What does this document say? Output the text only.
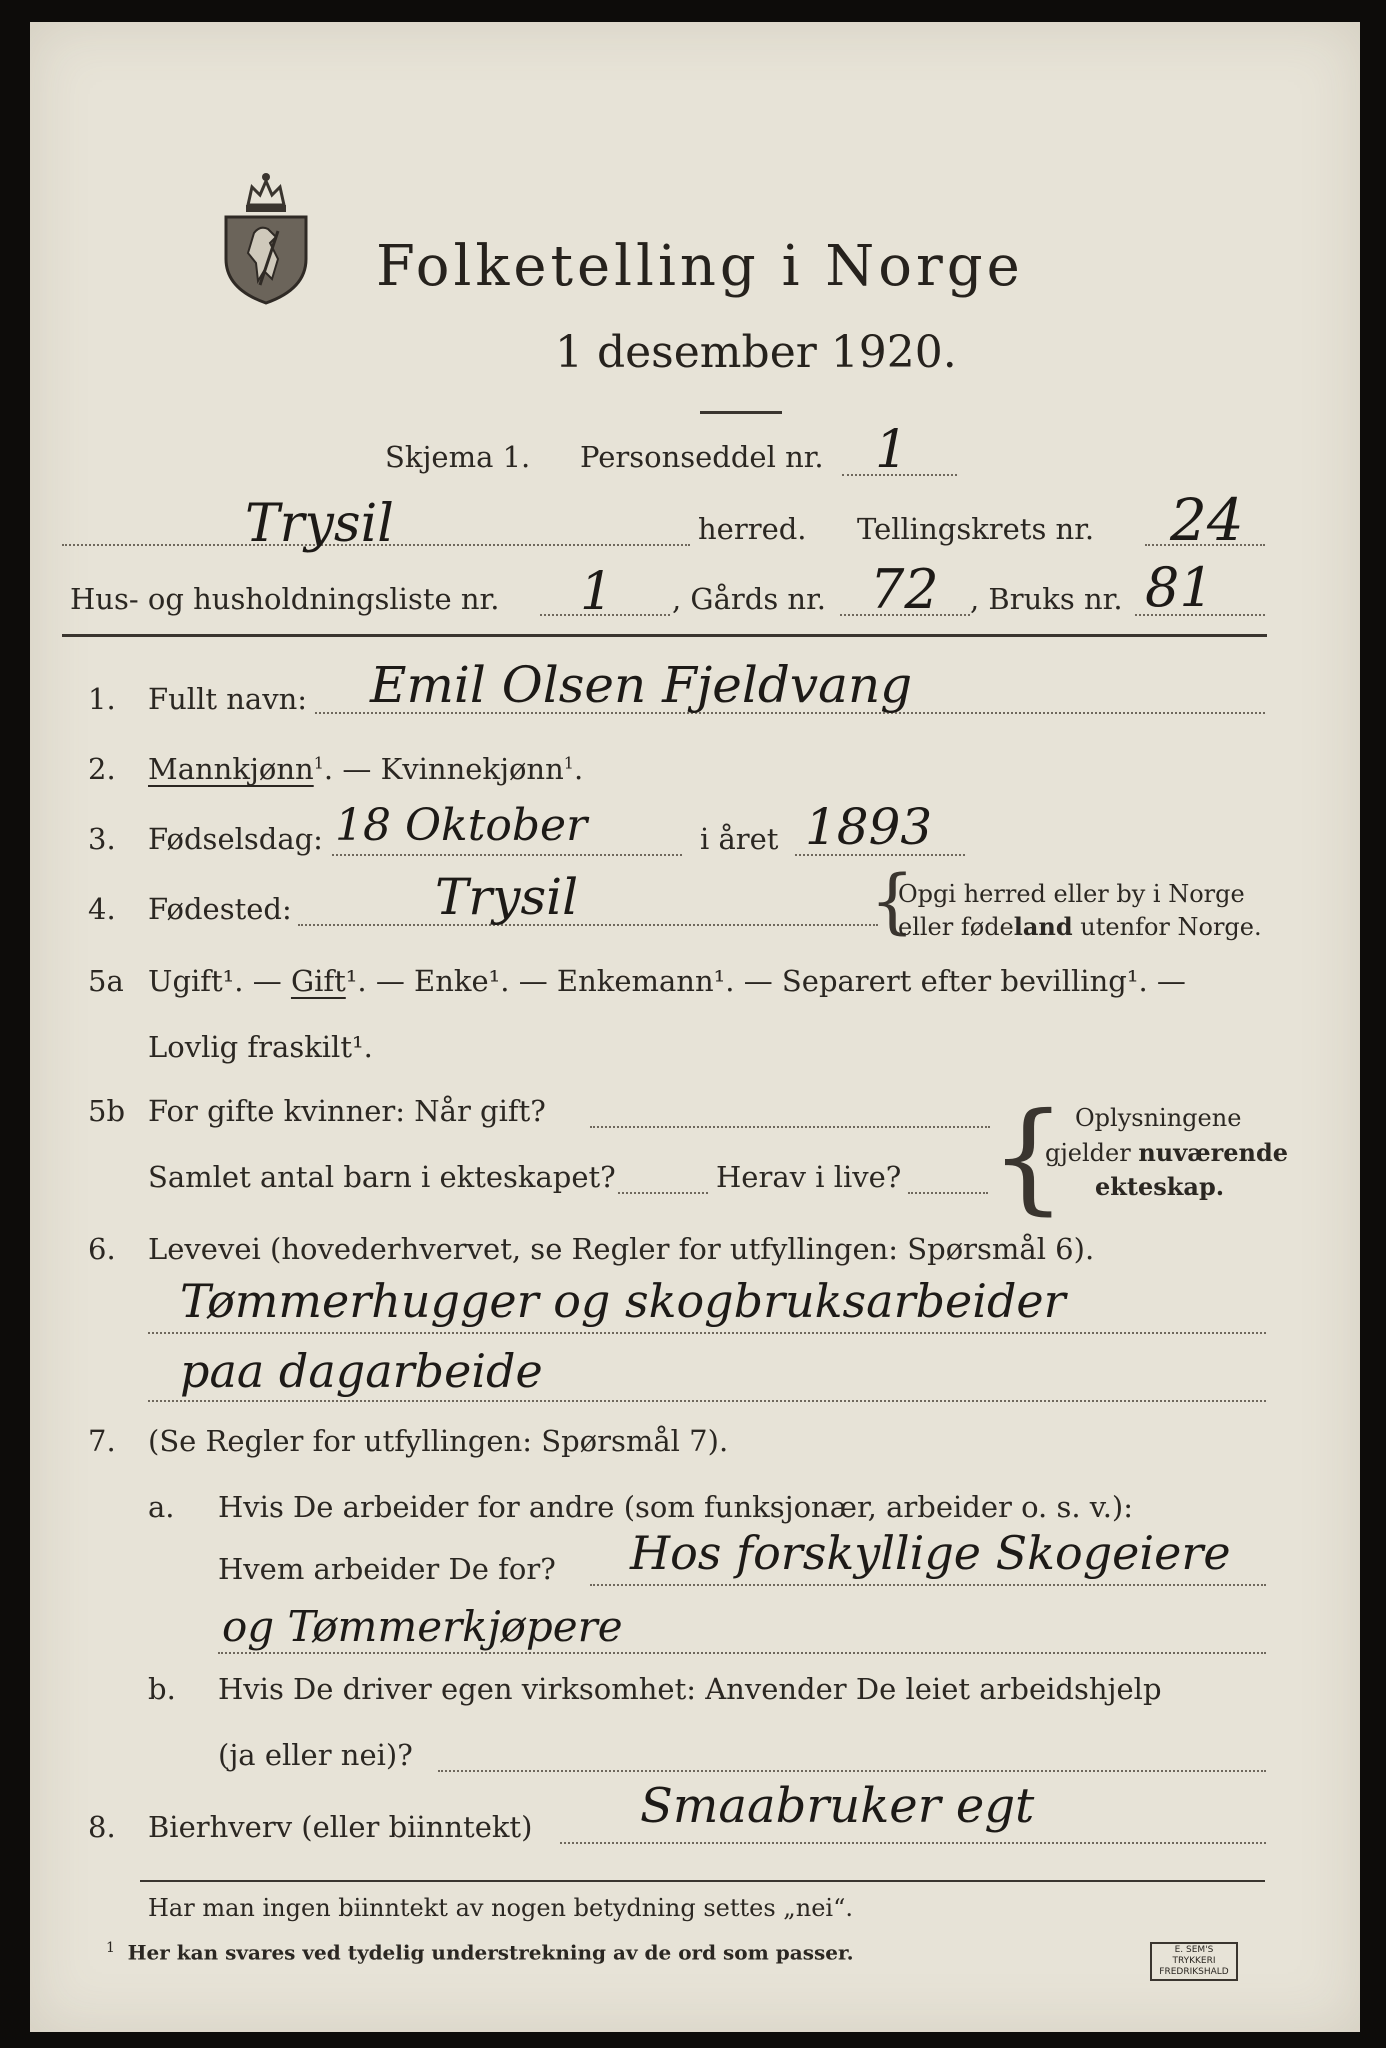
Folketelling i Norge
1 desember 1920.
Skjema 1. Personseddel nr. 1
Trysil	herred. Tellingskrets nr. 24
Hus- og husholdningsliste nr. 1 , Gårds nr. 72 , Bruks nr. 81
1. Fullt navn: Emil Olsen Fjeldvang
2. Mannkjønn$^1$. — Kvinnekjønn$^1$.
3. Fødselsdag: 18 Oktober	i året 1893
4. Fødested:	Trysil	{
Opgi herred eller by i Norge
eller fødeland utenfor Norge.
5a Ugift¹. — Gift¹. — Enke¹. — Enkemann¹. — Separert efter bevilling¹. —
Lovlig fraskilt¹.
5b For gifte kvinner: Når gift?
Samlet antal barn i ekteskapet?	Herav i live? { Oplysningene
gjelder nuværende
ekteskap.
6. Levevei (hovederhvervet, se Regler for utfyllingen: Spørsmål 6).
Tømmerhugger og skogbruksarbeider
paa dagarbeide
7. (Se Regler for utfyllingen: Spørsmål 7).
a. Hvis De arbeider for andre (som funksjonær, arbeider o. s. v.):
Hvem arbeider De for? Hos forskyllige Skogeiere
og Tømmerkjøpere
b. Hvis De driver egen virksomhet: Anvender De leiet arbeidshjelp
(ja eller nei)?
8. Bierhverv (eller biinntekt) Smaabruker egt
Har man ingen biinntekt av nogen betydning settes „nei“.
$^1$ Her kan svares ved tydelig understrekning av de ord som passer.	E. SEM'S TRYKKERI FREDRIKSHALD
